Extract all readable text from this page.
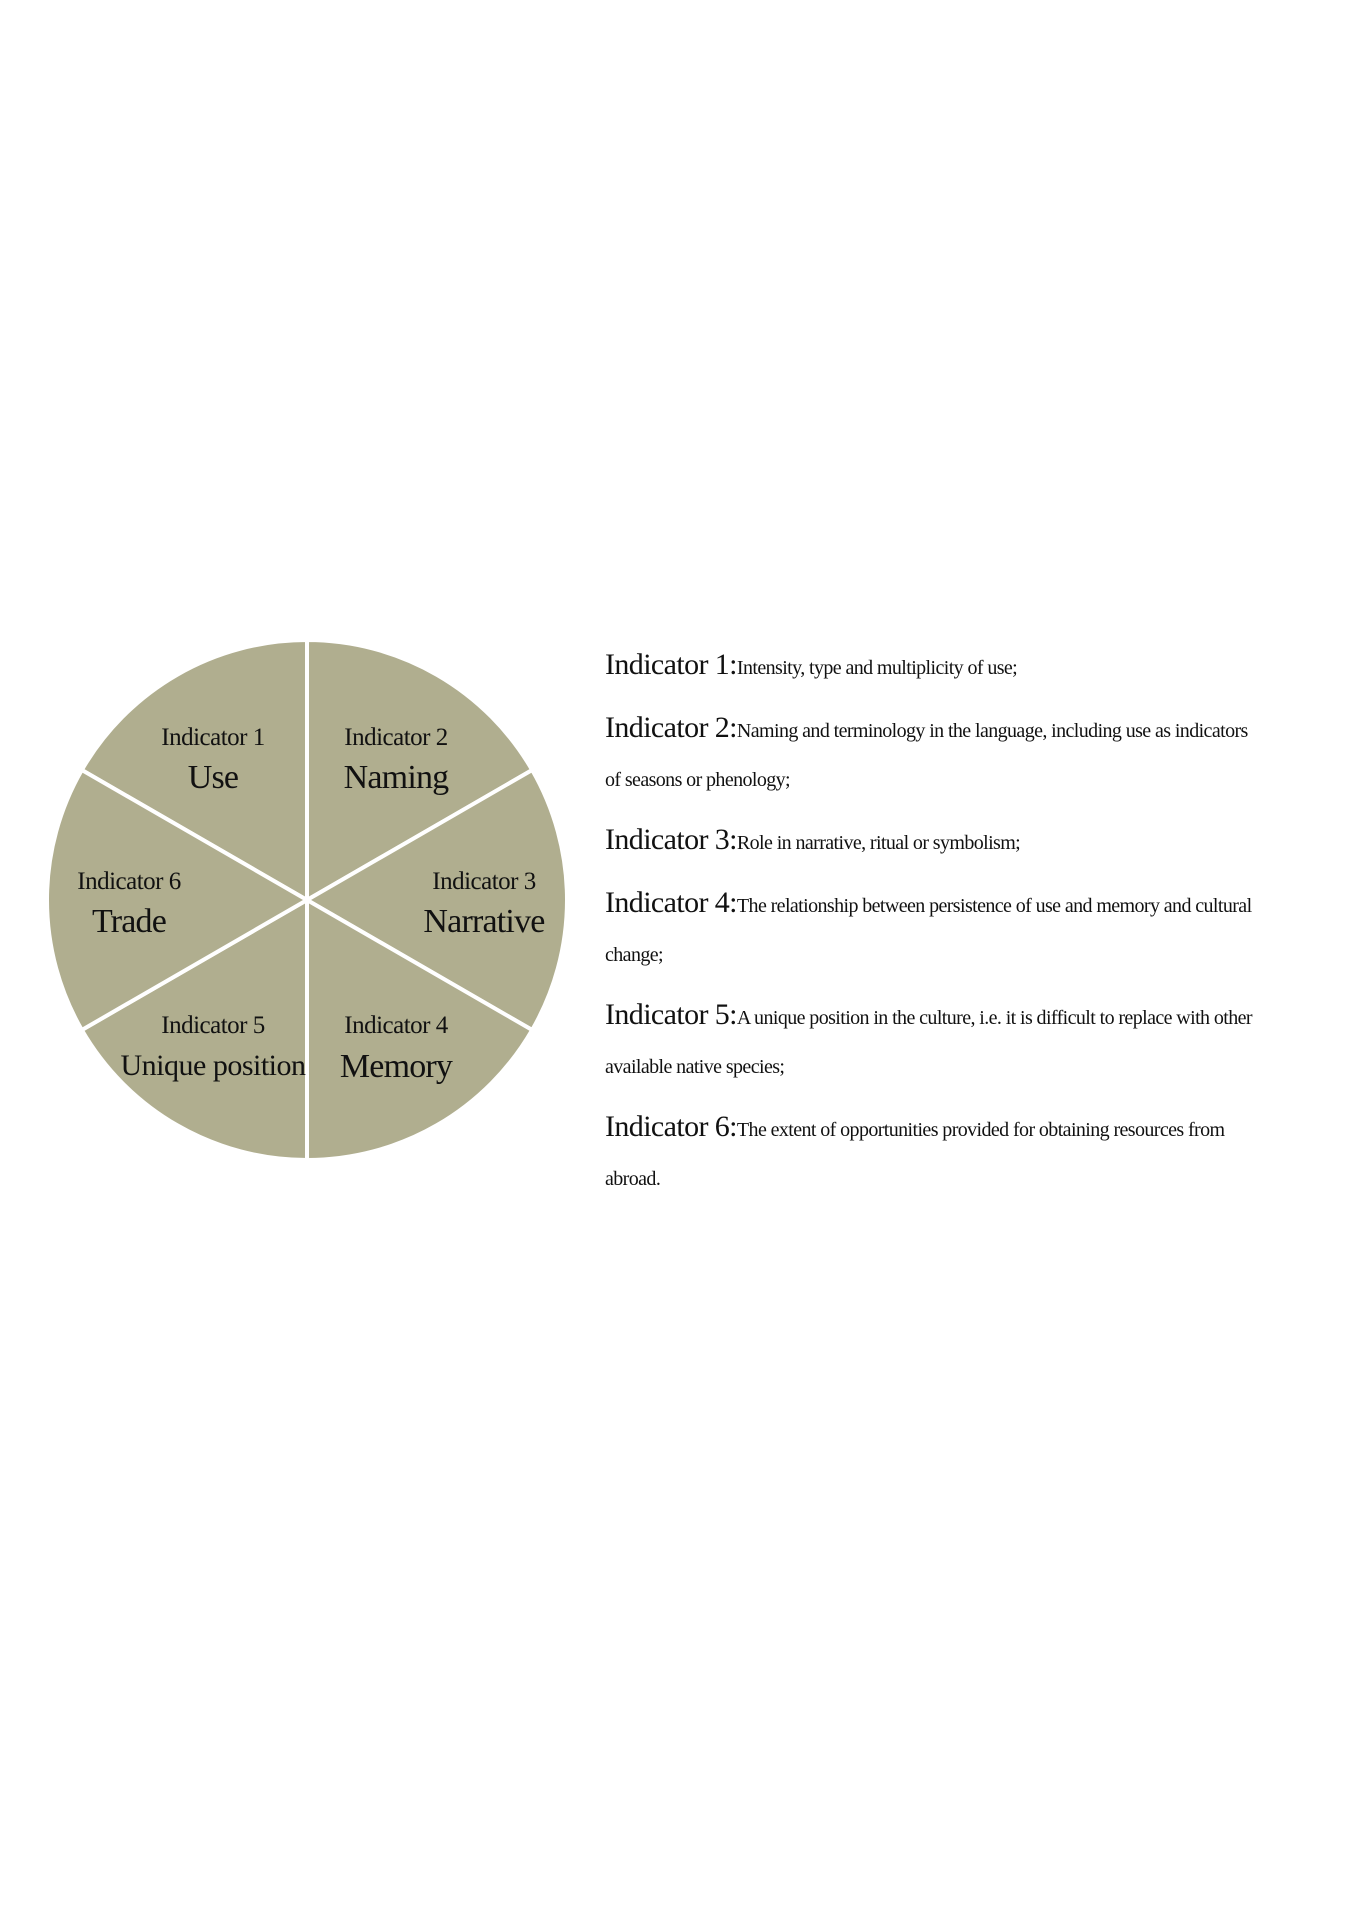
Indicator 1
Use
Indicator 2
Naming
Indicator 3
Narrative
Indicator 4
Memory
Indicator 5
Unique position
Indicator 6
Trade
Indicator 1:Intensity, type and multiplicity of use;
Indicator 2:Naming and terminology in the language, including use as indicators of seasons or phenology;
Indicator 3:Role in narrative, ritual or symbolism;
Indicator 4:The relationship between persistence of use and memory and cultural change;
Indicator 5:A unique position in the culture, i.e. it is difficult to replace with other available native species;
Indicator 6:The extent of opportunities provided for obtaining resources from abroad.
